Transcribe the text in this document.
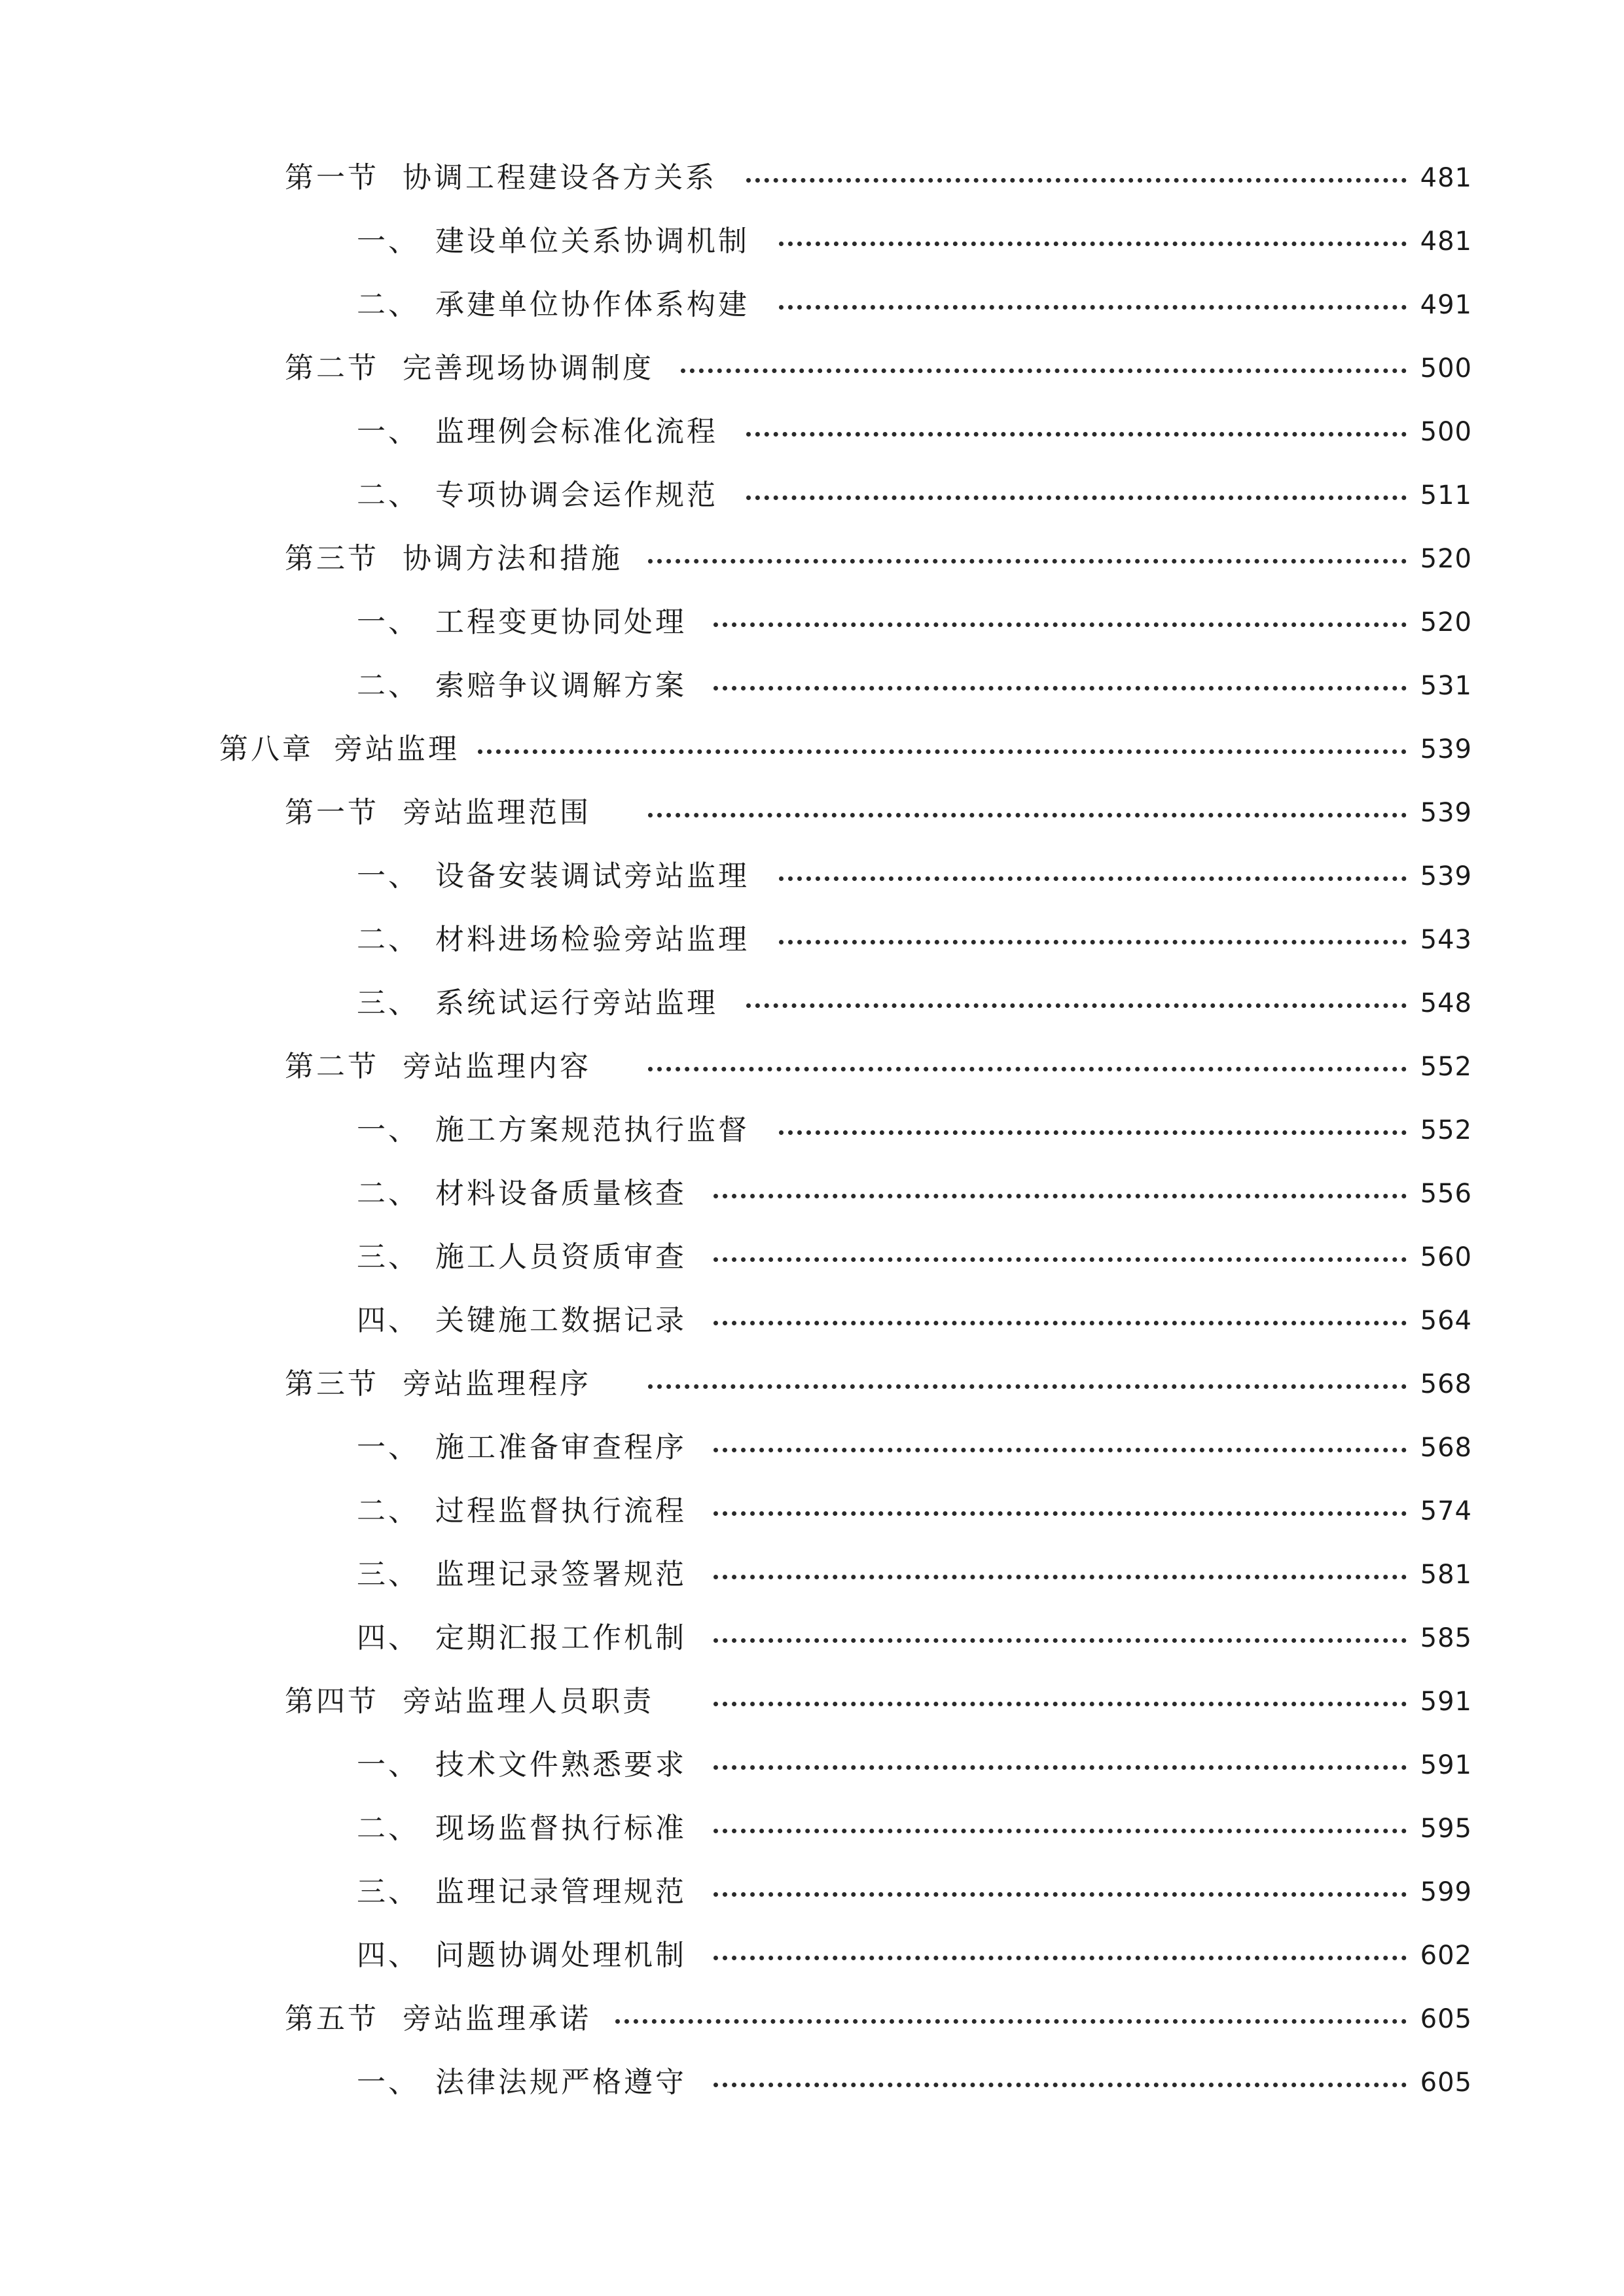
第一节 协调工程建设各方关系	481
一、 建设单位关系协调机制	481
二、 承建单位协作体系构建	491
第二节 完善现场协调制度	500
一、 监理例会标准化流程	500
二、 专项协调会运作规范	511
第三节 协调方法和措施	520
一、 工程变更协同处理	520
二、 索赔争议调解方案	531
第八章 旁站监理	539
第一节 旁站监理范围	539
一、 设备安装调试旁站监理	539
二、 材料进场检验旁站监理	543
三、 系统试运行旁站监理	548
第二节 旁站监理内容	552
一、 施工方案规范执行监督	552
二、 材料设备质量核查	556
三、 施工人员资质审查	560
四、 关键施工数据记录	564
第三节 旁站监理程序	568
一、 施工准备审查程序	568
二、 过程监督执行流程	574
三、 监理记录签署规范	581
四、 定期汇报工作机制	585
第四节 旁站监理人员职责	591
一、 技术文件熟悉要求	591
二、 现场监督执行标准	595
三、 监理记录管理规范	599
四、 问题协调处理机制	602
第五节 旁站监理承诺	605
一、 法律法规严格遵守	605
